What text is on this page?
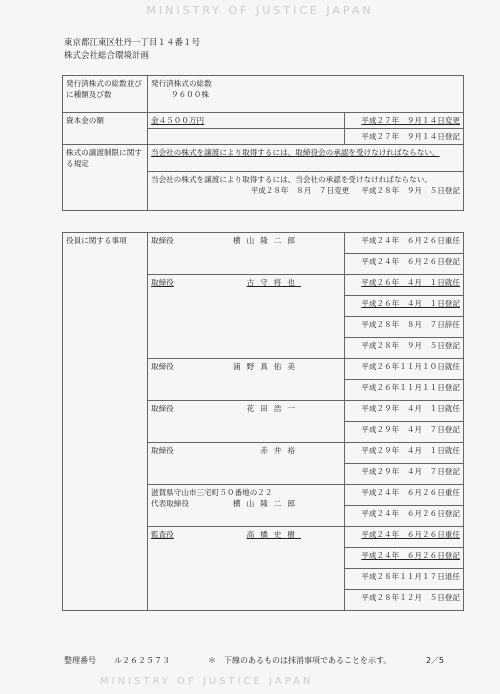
MINISTRY OF JUSTICE JAPAN
東京都江東区牡丹一丁目１４番１号
株式会社総合環境計画
発行済株式の総数並びに種類及び数	発行済株式の総数
９６００株	

資本金の額	金４５００万円	平成２７年　９月１４日変更
		平成２７年　９月１４日登記
株式の譲渡制限に関する規定	当会社の株式を譲渡により取得するには、取締役会の承認を受けなければならない。	

	当会社の株式を譲渡により取得するには、当会社の承認を受けなければならない。
平成２８年　８月　７日変更 平成２８年　９月　５日登記	
役員に関する事項	取締役 横山隆二郎	平成２４年　６月２６日重任
		平成２４年　６月２６日登記

	取締役 古守将也	平成２６年　４月　１日就任
		平成２６年　４月　１日登記
		平成２８年　８月　７日辞任
		平成２８年　９月　５日登記

	取締役 浦野真佑美	平成２６年１１月１０日就任
		平成２６年１１月１１日登記

	取締役 花田浩一	平成２９年　４月　１日就任
		平成２９年　４月　７日登記

	取締役 赤井裕	平成２９年　４月　１日就任
		平成２９年　４月　７日登記

	滋賀県守山市三宅町５０番地の２２
代表取締役 横山隆二郎	平成２４年　６月２６日重任
		平成２４年　６月２６日登記

	監査役 高橋史樹	平成２４年　６月２６日重任
		平成２４年　６月２６日登記
		平成２８年１１月１７日退任
		平成２８年１２月　５日登記
整理番号 ル２６２５７３	＊　下線のあるものは抹消事項であることを示す。	2／5
MINISTRY OF JUSTICE JAPAN
